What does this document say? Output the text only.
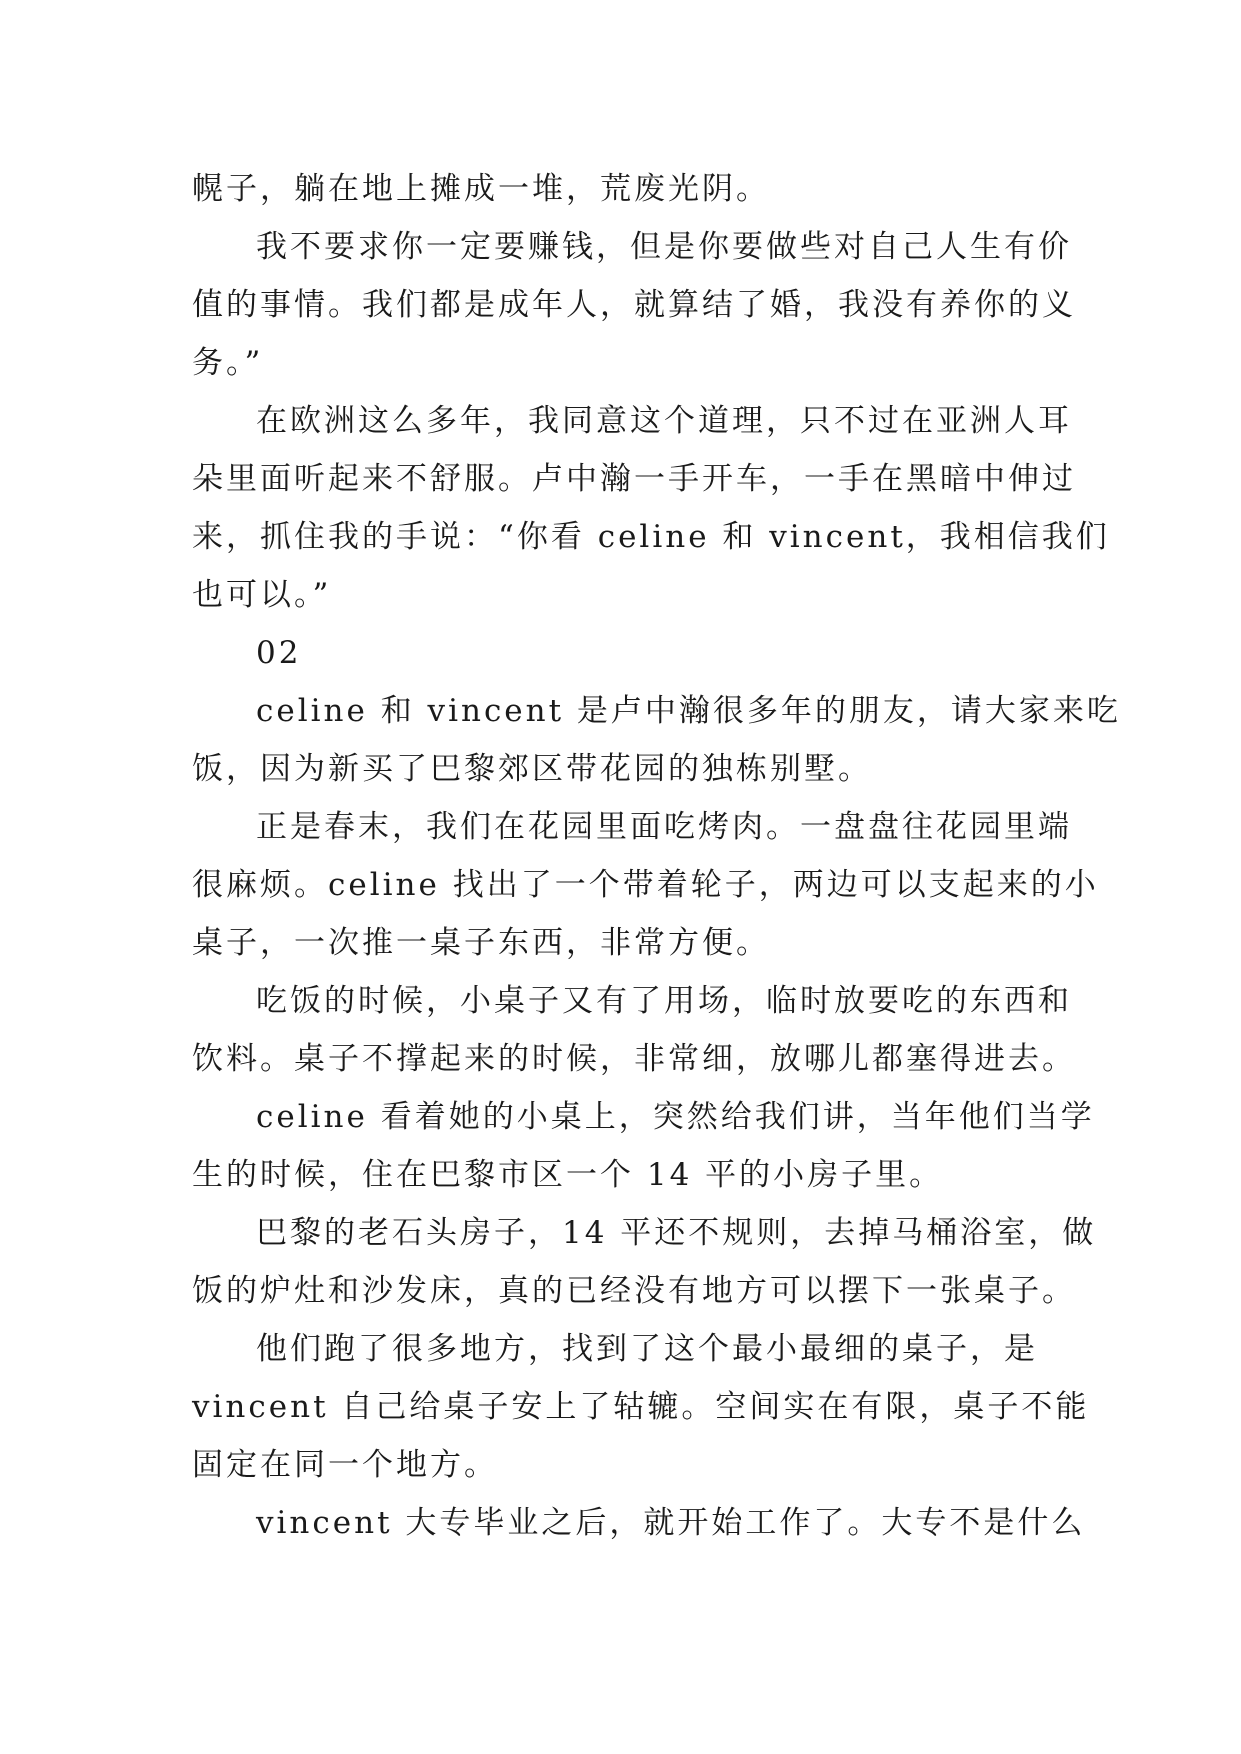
幌子，躺在地上摊成一堆，荒废光阴。
我不要求你一定要赚钱，但是你要做些对自己人生有价
值的事情。我们都是成年人，就算结了婚，我没有养你的义
务。”
在欧洲这么多年，我同意这个道理，只不过在亚洲人耳
朵里面听起来不舒服。卢中瀚一手开车，一手在黑暗中伸过
来，抓住我的手说：“你看 celine 和 vincent，我相信我们
也可以。”
02
celine 和 vincent 是卢中瀚很多年的朋友，请大家来吃
饭，因为新买了巴黎郊区带花园的独栋别墅。
正是春末，我们在花园里面吃烤肉。一盘盘往花园里端
很麻烦。celine 找出了一个带着轮子，两边可以支起来的小
桌子，一次推一桌子东西，非常方便。
吃饭的时候，小桌子又有了用场，临时放要吃的东西和
饮料。桌子不撑起来的时候，非常细，放哪儿都塞得进去。
celine 看着她的小桌上，突然给我们讲，当年他们当学
生的时候，住在巴黎市区一个 14 平的小房子里。
巴黎的老石头房子，14 平还不规则，去掉马桶浴室，做
饭的炉灶和沙发床，真的已经没有地方可以摆下一张桌子。
他们跑了很多地方，找到了这个最小最细的桌子，是
vincent 自己给桌子安上了轱辘。空间实在有限，桌子不能
固定在同一个地方。
vincent 大专毕业之后，就开始工作了。大专不是什么
